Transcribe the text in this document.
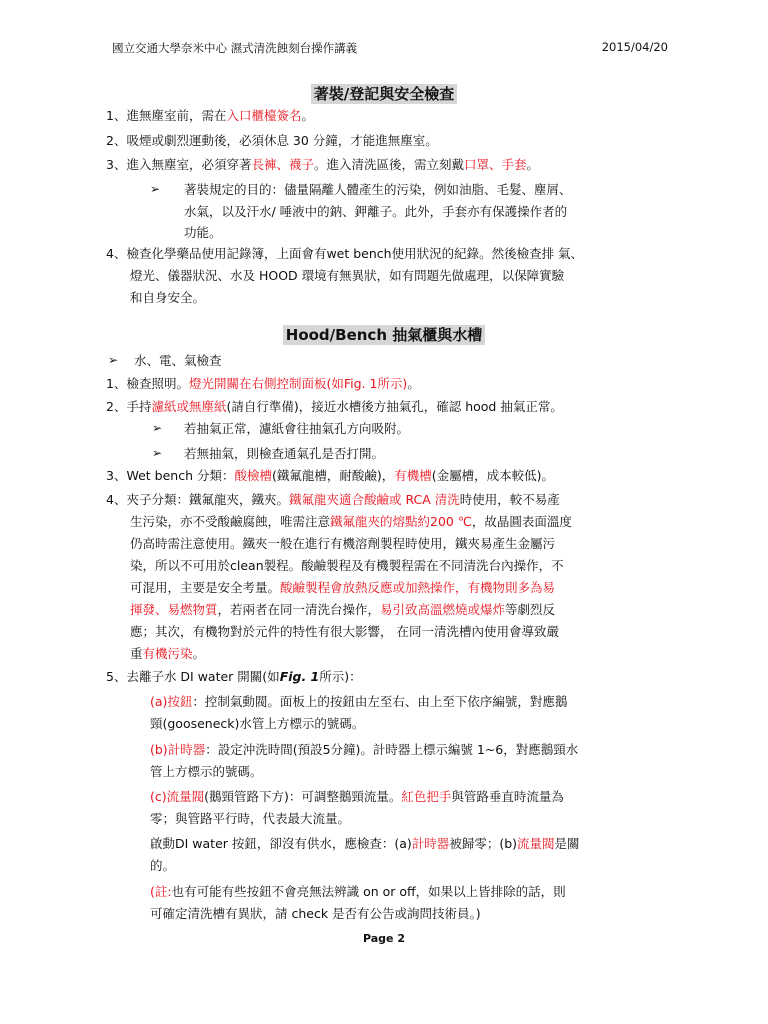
國立交通大學奈米中心 濕式清洗蝕刻台操作講義	2015/04/20
著裝/登記與安全檢查
1、進無塵室前，需在入口櫃檯簽名。
2、吸煙或劇烈運動後，必須休息 30 分鐘，才能進無塵室。
3、進入無塵室，必須穿著長褲、襪子。進入清洗區後，需立刻戴口罩、手套。
➢ 著裝規定的目的：儘量隔離人體產生的污染，例如油脂、毛髮、塵屑、
水氣，以及汗水/ 唾液中的鈉、鉀離子。此外，手套亦有保護操作者的
功能。
4、檢查化學藥品使用記錄簿，上面會有wet bench使用狀況的紀錄。然後檢查排 氣、
燈光、儀器狀況、水及 HOOD 環境有無異狀，如有問題先做處理，以保障實驗
和自身安全。
Hood/Bench 抽氣櫃與水槽
➢ 水、電、氣檢查
1、檢查照明。燈光開關在右側控制面板(如Fig. 1所示)。
2、手持濾紙或無塵紙(請自行準備)，接近水槽後方抽氣孔，確認 hood 抽氣正常。
➢ 若抽氣正常，濾紙會往抽氣孔方向吸附。
➢ 若無抽氣，則檢查通氣孔是否打開。
3、Wet bench 分類：酸檢槽(鐵氟龍槽，耐酸鹼)，有機槽(金屬槽，成本較低)。
4、夾子分類：鐵氟龍夾，鐵夾。鐵氟龍夾適合酸鹼或 RCA 清洗時使用，較不易產
生污染，亦不受酸鹼腐蝕，唯需注意鐵氟龍夾的熔點約200 ℃，故晶圓表面溫度
仍高時需注意使用。鐵夾一般在進行有機溶劑製程時使用，鐵夾易產生金屬污
染，所以不可用於clean製程。酸鹼製程及有機製程需在不同清洗台內操作，不
可混用，主要是安全考量。酸鹼製程會放熱反應或加熱操作，有機物則多為易
揮發、易燃物質，若兩者在同一清洗台操作，易引致高溫燃燒或爆炸等劇烈反
應；其次，有機物對於元件的特性有很大影響， 在同一清洗槽內使用會導致嚴
重有機污染。
5、去離子水 DI water 開關(如Fig. 1所示)：
(a)按鈕：控制氣動閥。面板上的按鈕由左至右、由上至下依序編號，對應鵝
頸(gooseneck)水管上方標示的號碼。
(b)計時器：設定沖洗時間(預設5分鐘)。計時器上標示編號 1~6，對應鵝頸水
管上方標示的號碼。
(c)流量閥(鵝頸管路下方)：可調整鵝頸流量。紅色把手與管路垂直時流量為
零；與管路平行時，代表最大流量。
啟動DI water 按鈕，卻沒有供水，應檢查：(a)計時器被歸零；(b)流量閥是關
的。
(註:也有可能有些按鈕不會亮無法辨識 on or off，如果以上皆排除的話，則
可確定清洗槽有異狀，請 check 是否有公告或詢問技術員。)
Page 2
